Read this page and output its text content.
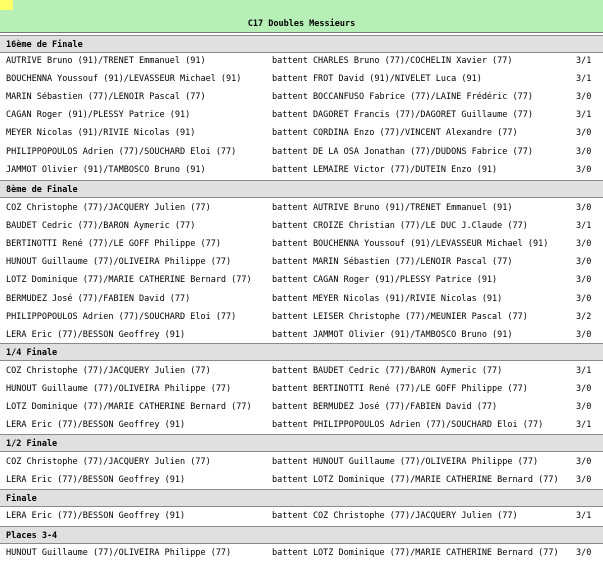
C17 Doubles Messieurs
16ème de Finale
AUTRIVE Bruno (91)/TRENET Emmanuel (91)	battent CHARLES Bruno (77)/COCHELIN Xavier (77)	3/1
BOUCHENNA Youssouf (91)/LEVASSEUR Michael (91)	battent FROT David (91)/NIVELET Luca (91)	3/1
MARIN Sébastien (77)/LENOIR Pascal (77)	battent BOCCANFUSO Fabrice (77)/LAINE Frédéric (77)	3/0
CAGAN Roger (91)/PLESSY Patrice (91)	battent DAGORET Francis (77)/DAGORET Guillaume (77)	3/1
MEYER Nicolas (91)/RIVIE Nicolas (91)	battent CORDINA Enzo (77)/VINCENT Alexandre (77)	3/0
PHILIPPOPOULOS Adrien (77)/SOUCHARD Eloi (77)	battent DE LA OSA Jonathan (77)/DUDONS Fabrice (77)	3/0
JAMMOT Olivier (91)/TAMBOSCO Bruno (91)	battent LEMAIRE Victor (77)/DUTEIN Enzo (91)	3/0
8ème de Finale
COZ Christophe (77)/JACQUERY Julien (77)	battent AUTRIVE Bruno (91)/TRENET Emmanuel (91)	3/0
BAUDET Cedric (77)/BARON Aymeric (77)	battent CROIZE Christian (77)/LE DUC J.Claude (77)	3/1
BERTINOTTI René (77)/LE GOFF Philippe (77)	battent BOUCHENNA Youssouf (91)/LEVASSEUR Michael (91)	3/0
HUNOUT Guillaume (77)/OLIVEIRA Philippe (77)	battent MARIN Sébastien (77)/LENOIR Pascal (77)	3/0
LOTZ Dominique (77)/MARIE CATHERINE Bernard (77) battent CAGAN Roger (91)/PLESSY Patrice (91)	3/0
BERMUDEZ José (77)/FABIEN David (77)	battent MEYER Nicolas (91)/RIVIE Nicolas (91)	3/0
PHILIPPOPOULOS Adrien (77)/SOUCHARD Eloi (77)	battent LEISER Christophe (77)/MEUNIER Pascal (77)	3/2
LERA Eric (77)/BESSON Geoffrey (91)	battent JAMMOT Olivier (91)/TAMBOSCO Bruno (91)	3/0
1/4 Finale
COZ Christophe (77)/JACQUERY Julien (77)	battent BAUDET Cedric (77)/BARON Aymeric (77)	3/1
HUNOUT Guillaume (77)/OLIVEIRA Philippe (77)	battent BERTINOTTI René (77)/LE GOFF Philippe (77)	3/0
LOTZ Dominique (77)/MARIE CATHERINE Bernard (77) battent BERMUDEZ José (77)/FABIEN David (77)	3/0
LERA Eric (77)/BESSON Geoffrey (91)	battent PHILIPPOPOULOS Adrien (77)/SOUCHARD Eloi (77)	3/1
1/2 Finale
COZ Christophe (77)/JACQUERY Julien (77)	battent HUNOUT Guillaume (77)/OLIVEIRA Philippe (77)	3/0
LERA Eric (77)/BESSON Geoffrey (91)	battent LOTZ Dominique (77)/MARIE CATHERINE Bernard (77) 3/0
Finale
LERA Eric (77)/BESSON Geoffrey (91)	battent COZ Christophe (77)/JACQUERY Julien (77)	3/1
Places 3-4
HUNOUT Guillaume (77)/OLIVEIRA Philippe (77)	battent LOTZ Dominique (77)/MARIE CATHERINE Bernard (77) 3/0
